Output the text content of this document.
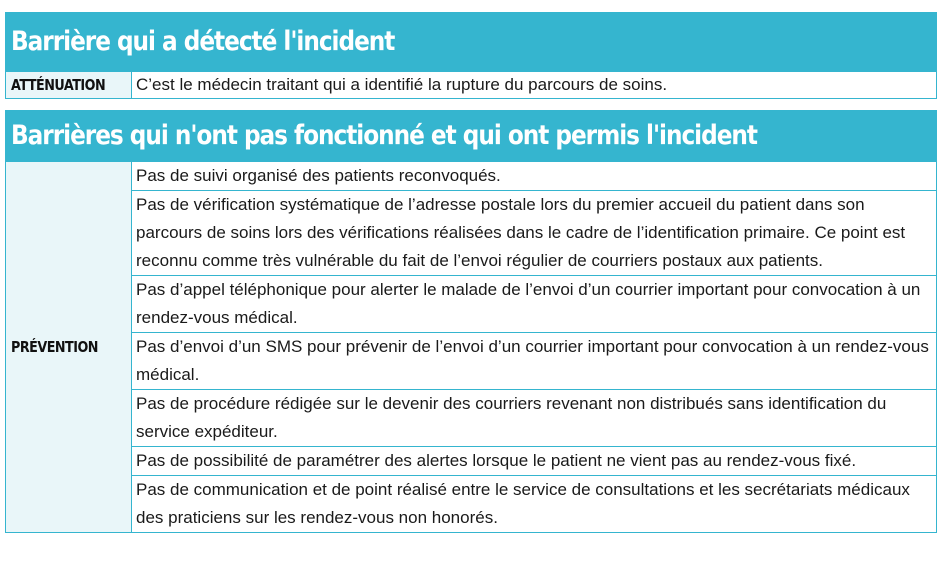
Barrière qui a détecté l'incident
ATTÉNUATION	C’est le médecin traitant qui a identifié la rupture du parcours de soins.
Barrières qui n'ont pas fonctionné et qui ont permis l'incident
PRÉVENTION	Pas de suivi organisé des patients reconvoqués.
Pas de vérification systématique de l’adresse postale lors du premier accueil du patient dans son parcours de soins lors des vérifications réalisées dans le cadre de l’identification primaire. Ce point est reconnu comme très vulnérable du fait de l’envoi régulier de courriers postaux aux patients.
Pas d’appel téléphonique pour alerter le malade de l’envoi d’un courrier important pour convocation à un rendez-vous médical.
Pas d’envoi d’un SMS pour prévenir de l’envoi d’un courrier important pour convocation à un rendez-vous médical.
Pas de procédure rédigée sur le devenir des courriers revenant non distribués sans identification du service expéditeur.
Pas de possibilité de paramétrer des alertes lorsque le patient ne vient pas au rendez-vous fixé.
Pas de communication et de point réalisé entre le service de consultations et les secrétariats médicaux des praticiens sur les rendez-vous non honorés.
